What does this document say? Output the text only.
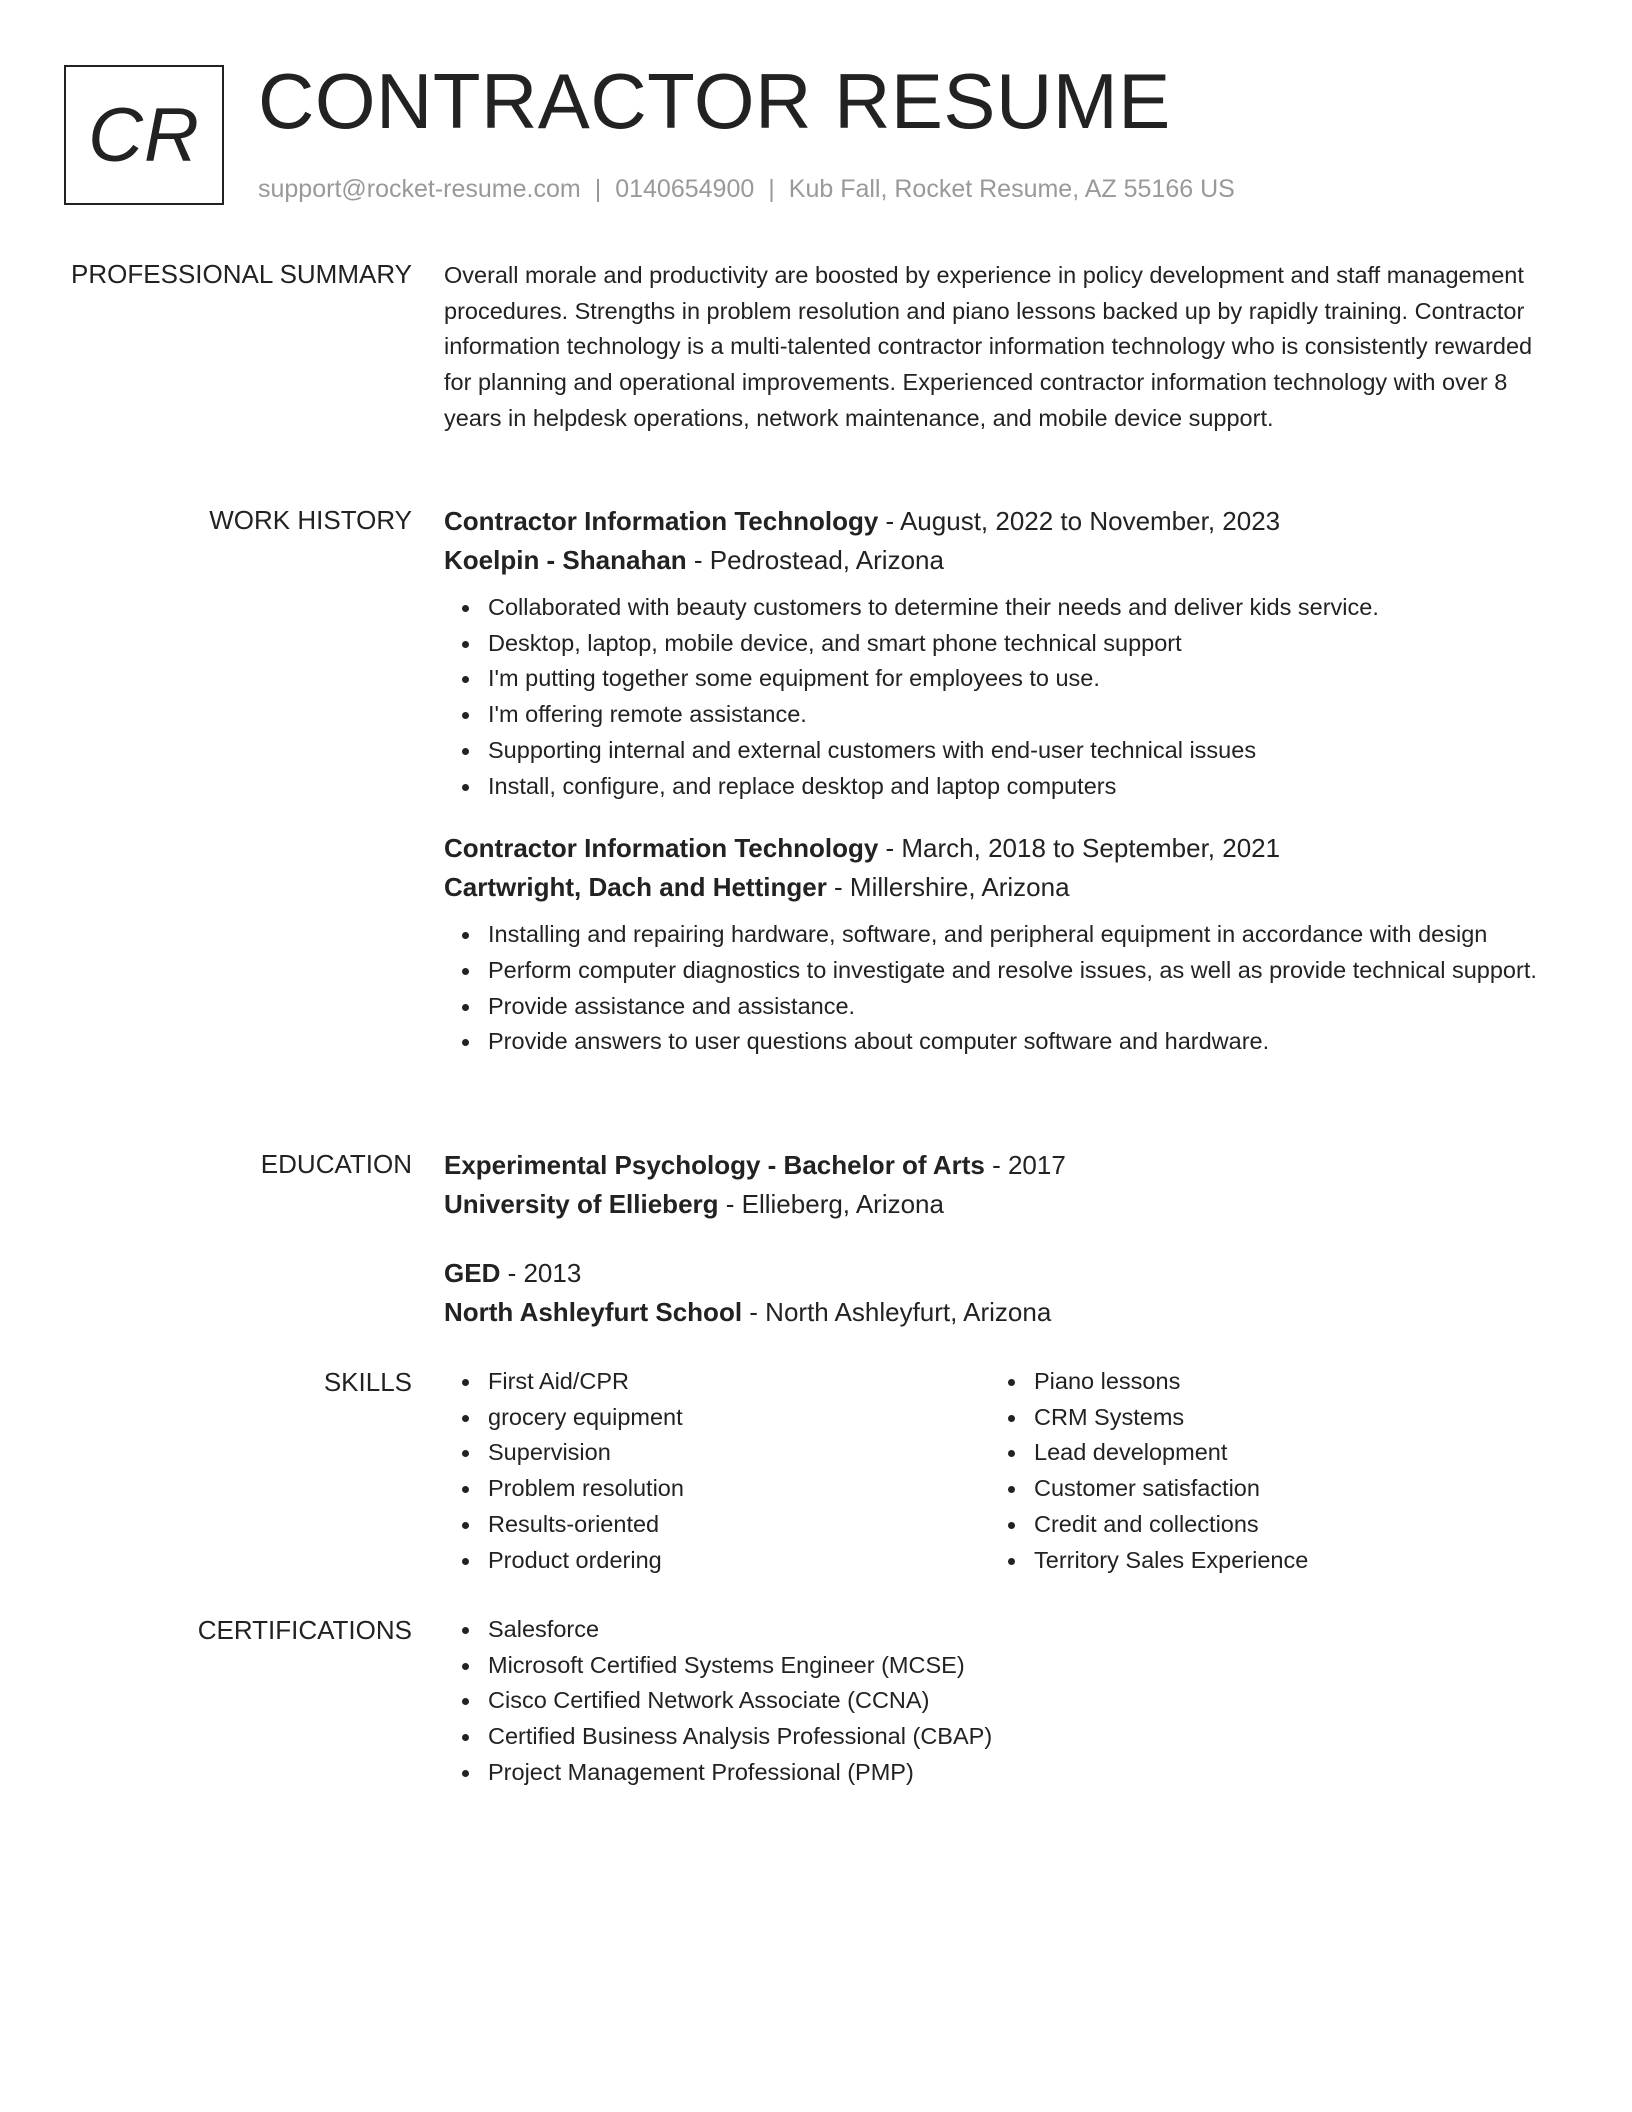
CR CONTRACTOR RESUME
support@rocket-resume.com | 0140654900 | Kub Fall, Rocket Resume, AZ 55166 US
PROFESSIONAL SUMMARY Overall morale and productivity are boosted by experience in policy development and staff management procedures. Strengths in problem resolution and piano lessons backed up by rapidly training. Contractor information technology is a multi-talented contractor information technology who is consistently rewarded for planning and operational improvements. Experienced contractor information technology with over 8 years in helpdesk operations, network maintenance, and mobile device support.

WORK HISTORY Contractor Information Technology - August, 2022 to November, 2023
Koelpin - Shanahan - Pedrostead, Arizona
Collaborated with beauty customers to determine their needs and deliver kids service.
Desktop, laptop, mobile device, and smart phone technical support
I'm putting together some equipment for employees to use.
I'm offering remote assistance.
Supporting internal and external customers with end-user technical issues
Install, configure, and replace desktop and laptop computers
Contractor Information Technology - March, 2018 to September, 2021
Cartwright, Dach and Hettinger - Millershire, Arizona
Installing and repairing hardware, software, and peripheral equipment in accordance with design
Perform computer diagnostics to investigate and resolve issues, as well as provide technical support.
Provide assistance and assistance.
Provide answers to user questions about computer software and hardware.
EDUCATION Experimental Psychology - Bachelor of Arts - 2017
University of Ellieberg - Ellieberg, Arizona
GED - 2013
North Ashleyfurt School - North Ashleyfurt, Arizona
SKILLS	First Aid/CPR
grocery equipment
Supervision
Problem resolution
Results-oriented
Product ordering
Piano lessons
CRM Systems
Lead development
Customer satisfaction
Credit and collections
Territory Sales Experience
CERTIFICATIONS	Salesforce
Microsoft Certified Systems Engineer (MCSE)
Cisco Certified Network Associate (CCNA)
Certified Business Analysis Professional (CBAP)
Project Management Professional (PMP)
